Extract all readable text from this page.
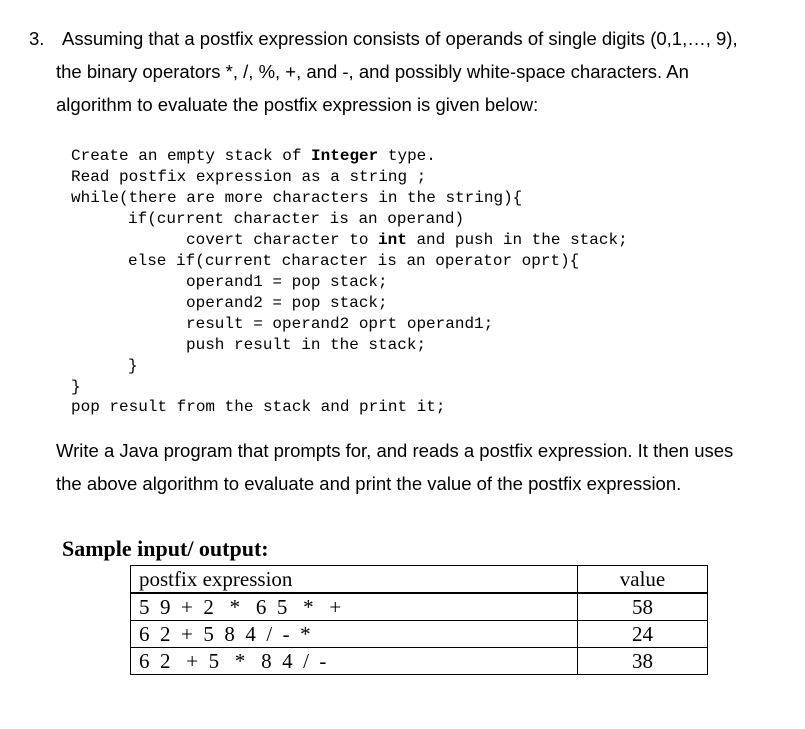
3. Assuming that a postfix expression consists of operands of single digits (0,1,…, 9),
the binary operators *, /, %, +, and -, and possibly white-space characters. An
algorithm to evaluate the postfix expression is given below:
Create an empty stack of Integer type.
Read postfix expression as a string ;
while(there are more characters in the string){
if(current character is an operand)
covert character to int and push in the stack;
else if(current character is an operator oprt){
operand1 = pop stack;
operand2 = pop stack;
result = operand2 oprt operand1;
push result in the stack;
}
}
pop result from the stack and print it;
Write a Java program that prompts for, and reads a postfix expression. It then uses
the above algorithm to evaluate and print the value of the postfix expression.
Sample input/ output:
postfix expression	value
5  9  +  2   *   6  5   *   +	58
6  2  +  5  8  4  /  -  *	24
6  2   +  5   *   8  4  /  -	38
